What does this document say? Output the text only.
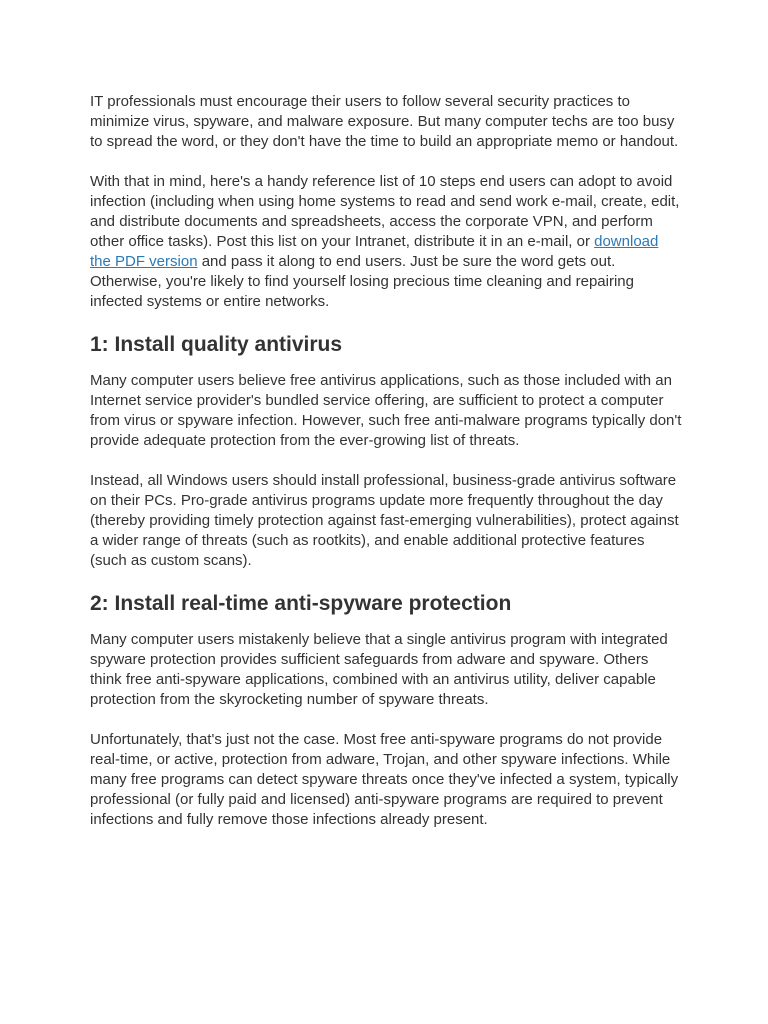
IT professionals must encourage their users to follow several security practices to minimize virus, spyware, and malware exposure. But many computer techs are too busy to spread the word, or they don't have the time to build an appropriate memo or handout.

With that in mind, here's a handy reference list of 10 steps end users can adopt to avoid infection (including when using home systems to read and send work e-mail, create, edit, and distribute documents and spreadsheets, access the corporate VPN, and perform other office tasks). Post this list on your Intranet, distribute it in an e-mail, or download the PDF version and pass it along to end users. Just be sure the word gets out. Otherwise, you're likely to find yourself losing precious time cleaning and repairing infected systems or entire networks.

1: Install quality antivirus

Many computer users believe free antivirus applications, such as those included with an Internet service provider's bundled service offering, are sufficient to protect a computer from virus or spyware infection. However, such free anti-malware programs typically don't provide adequate protection from the ever-growing list of threats.

Instead, all Windows users should install professional, business-grade antivirus software on their PCs. Pro-grade antivirus programs update more frequently throughout the day (thereby providing timely protection against fast-emerging vulnerabilities), protect against a wider range of threats (such as rootkits), and enable additional protective features (such as custom scans).

2: Install real-time anti-spyware protection

Many computer users mistakenly believe that a single antivirus program with integrated spyware protection provides sufficient safeguards from adware and spyware. Others think free anti-spyware applications, combined with an antivirus utility, deliver capable protection from the skyrocketing number of spyware threats.

Unfortunately, that's just not the case. Most free anti-spyware programs do not provide real-time, or active, protection from adware, Trojan, and other spyware infections. While many free programs can detect spyware threats once they've infected a system, typically professional (or fully paid and licensed) anti-spyware programs are required to prevent infections and fully remove those infections already present.
